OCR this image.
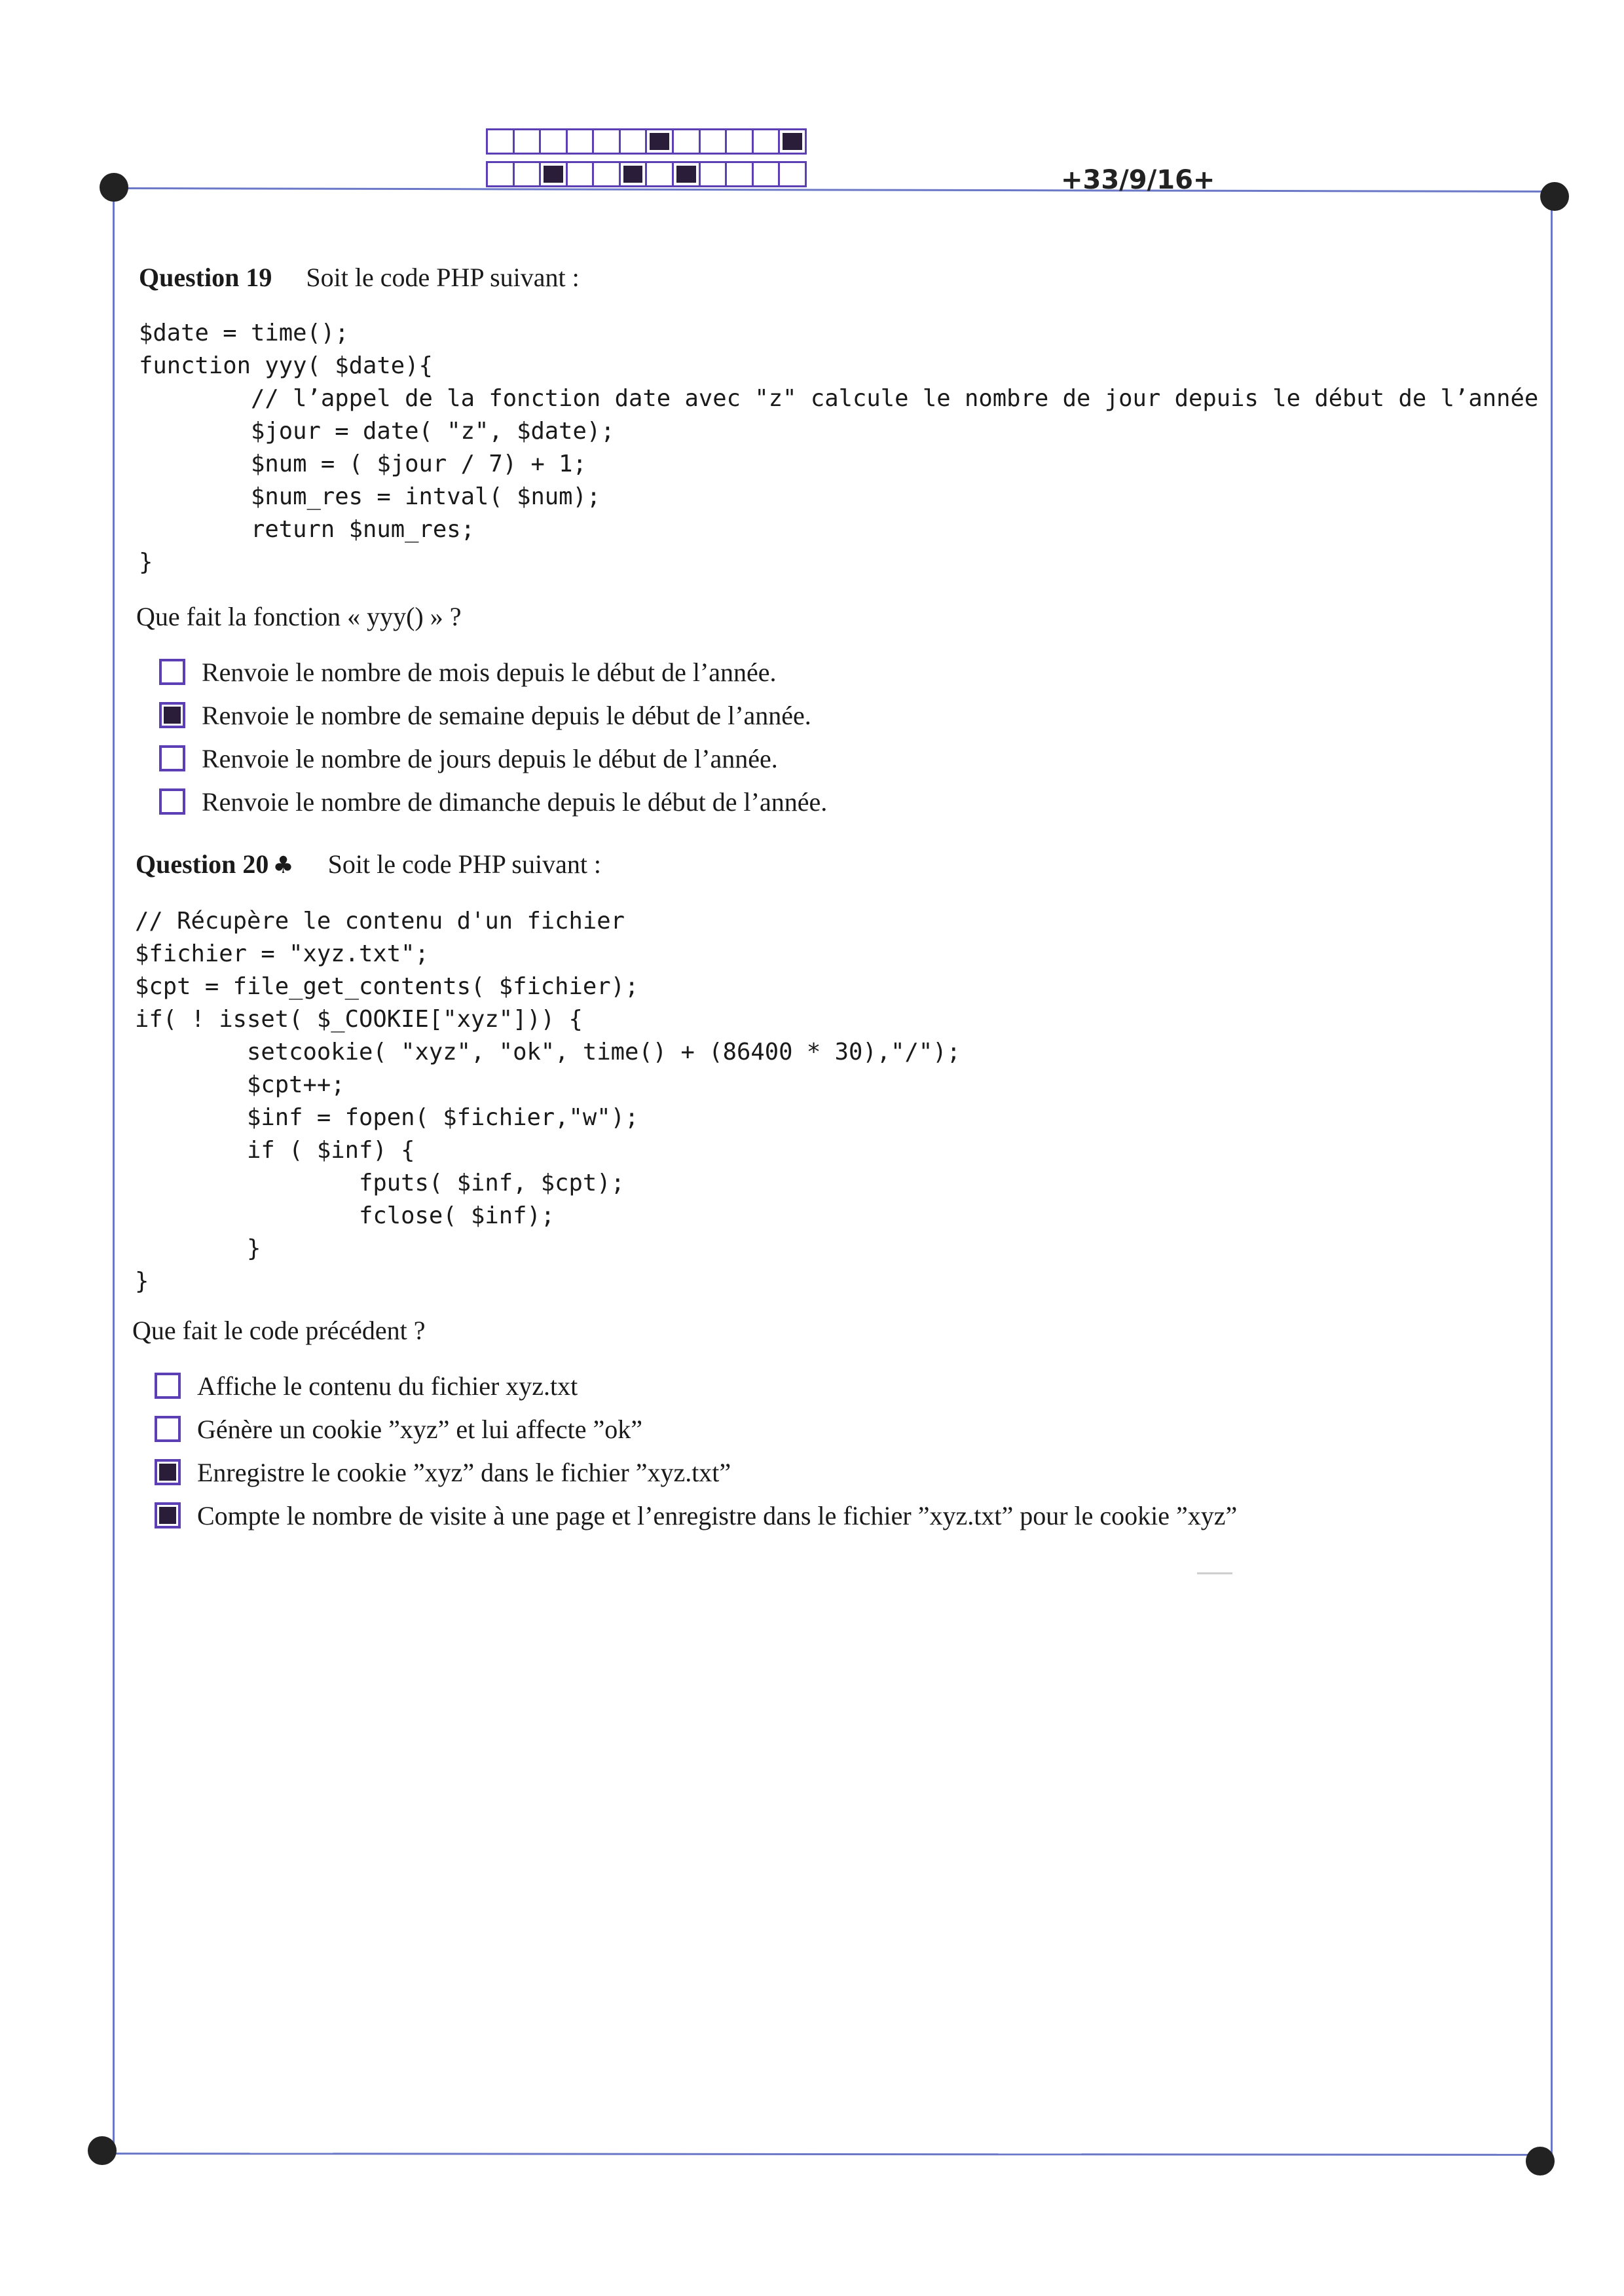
+33/9/16+
Question 19 Soit le code PHP suivant :
$date = time();
function yyy( $date){
// l’appel de la fonction date avec "z" calcule le nombre de jour depuis le début de l’année
$jour = date( "z", $date);
$num = ( $jour / 7) + 1;
$num_res = intval( $num);
return $num_res;
}
Que fait la fonction « yyy() » ?
Renvoie le nombre de mois depuis le début de l’année.
Renvoie le nombre de semaine depuis le début de l’année.
Renvoie le nombre de jours depuis le début de l’année.
Renvoie le nombre de dimanche depuis le début de l’année.
Question 20 ♣ Soit le code PHP suivant :
// Récupère le contenu d'un fichier
$fichier = "xyz.txt";
$cpt = file_get_contents( $fichier);
if( ! isset( $_COOKIE["xyz"])) {
setcookie( "xyz", "ok", time() + (86400 * 30),"/");
$cpt++;
$inf = fopen( $fichier,"w");
if ( $inf) {
fputs( $inf, $cpt);
fclose( $inf);
}
}
Que fait le code précédent ?
Affiche le contenu du fichier xyz.txt
Génère un cookie ”xyz” et lui affecte ”ok”
Enregistre le cookie ”xyz” dans le fichier ”xyz.txt”
Compte le nombre de visite à une page et l’enregistre dans le fichier ”xyz.txt” pour le cookie ”xyz”
